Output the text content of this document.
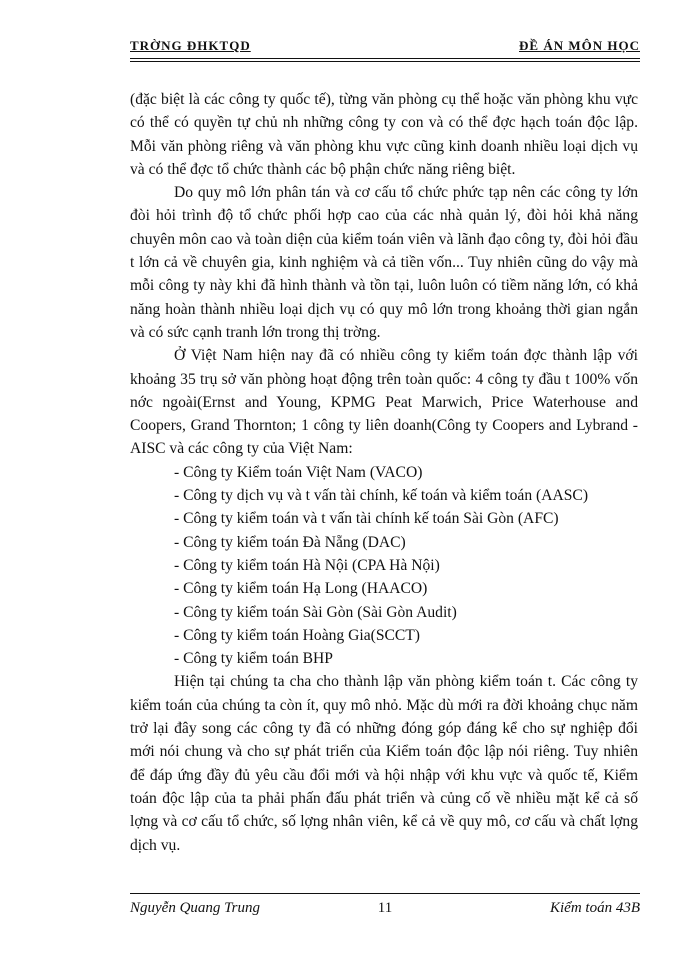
TRỜNG ĐHKTQD	ĐỀ ÁN MÔN HỌC

(đặc biệt là các công ty quốc tế), từng văn phòng cụ thể hoặc văn phòng khu vực có thể có quyền tự chủ nh những công ty con và có thể đợc hạch toán độc lập. Mỗi văn phòng riêng và văn phòng khu vực cũng kinh doanh nhiều loại dịch vụ và có thể đợc tổ chức thành các bộ phận chức năng riêng biệt.

Do quy mô lớn phân tán và cơ cấu tổ chức phức tạp nên các công ty lớn đòi hỏi trình độ tổ chức phối hợp cao của các nhà quản lý, đòi hỏi khả năng chuyên môn cao và toàn diện của kiểm toán viên và lãnh đạo công ty, đòi hỏi đầu t lớn cả về chuyên gia, kinh nghiệm và cả tiền vốn... Tuy nhiên cũng do vậy mà mỗi công ty này khi đã hình thành và tồn tại, luôn luôn có tiềm năng lớn, có khả năng hoàn thành nhiều loại dịch vụ có quy mô lớn trong khoảng thời gian ngắn và có sức cạnh tranh lớn trong thị trờng.

Ở Việt Nam hiện nay đã có nhiều công ty kiểm toán đợc thành lập với khoảng 35 trụ sở văn phòng hoạt động trên toàn quốc: 4 công ty đầu t 100% vốn nớc ngoài(Ernst and Young, KPMG Peat Marwich, Price Waterhouse and Coopers, Grand Thornton; 1 công ty liên doanh(Công ty Coopers and Lybrand - AISC và các công ty của Việt Nam:

- Công ty Kiểm toán Việt Nam (VACO)

- Công ty dịch vụ và t vấn tài chính, kế toán và kiểm toán (AASC)

- Công ty kiểm toán và t vấn tài chính kế toán Sài Gòn (AFC)

- Công ty kiểm toán Đà Nẵng (DAC)

- Công ty kiểm toán Hà Nội (CPA Hà Nội)

- Công ty kiểm toán Hạ Long (HAACO)

- Công ty kiểm toán Sài Gòn (Sài Gòn Audit)

- Công ty kiểm toán Hoàng Gia(SCCT)

- Công ty kiểm toán BHP

Hiện tại chúng ta cha cho thành lập văn phòng kiểm toán t. Các công ty kiểm toán của chúng ta còn ít, quy mô nhỏ. Mặc dù mới ra đời khoảng chục năm trở lại đây song các công ty đã có những đóng góp đáng kể cho sự nghiệp đổi mới nói chung và cho sự phát triển của Kiểm toán độc lập nói riêng. Tuy nhiên để đáp ứng đầy đủ yêu cầu đổi mới và hội nhập với khu vực và quốc tế, Kiểm toán độc lập của ta phải phấn đấu phát triển và củng cố về nhiều mặt kể cả số lợng và cơ cấu tổ chức, số lợng nhân viên, kể cả về quy mô, cơ cấu và chất lợng dịch vụ.

Nguyễn Quang Trung	11	Kiểm toán 43B
